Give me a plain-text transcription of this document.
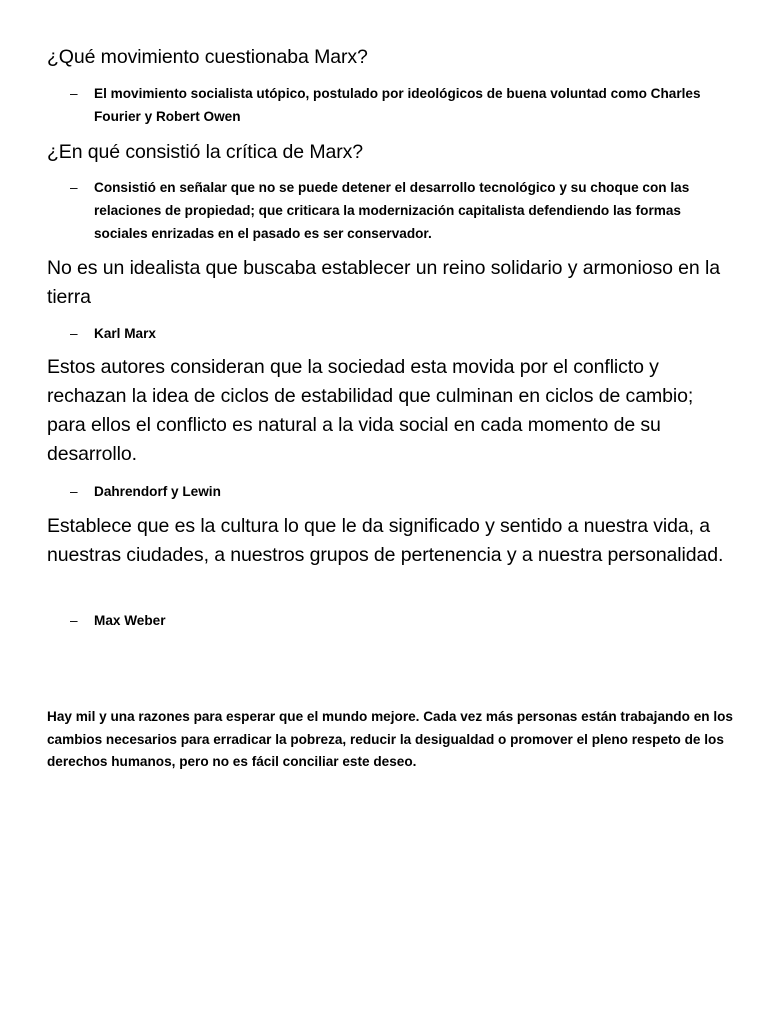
¿Qué movimiento cuestionaba Marx?

– El movimiento socialista utópico, postulado por ideológicos de buena voluntad como Charles Fourier y Robert Owen

¿En qué consistió la crítica de Marx?

– Consistió en señalar que no se puede detener el desarrollo tecnológico y su choque con las relaciones de propiedad; que criticara la modernización capitalista defendiendo las formas sociales enrizadas en el pasado es ser conservador.

No es un idealista que buscaba establecer un reino solidario y armonioso en la tierra

– Karl Marx

Estos autores consideran que la sociedad esta movida por el conflicto y rechazan la idea de ciclos de estabilidad que culminan en ciclos de cambio; para ellos el conflicto es natural a la vida social en cada momento de su desarrollo.

– Dahrendorf y Lewin

Establece que es la cultura lo que le da significado y sentido a nuestra vida, a nuestras ciudades, a nuestros grupos de pertenencia y a nuestra personalidad.

– Max Weber

Hay mil y una razones para esperar que el mundo mejore. Cada vez más personas están trabajando en los cambios necesarios para erradicar la pobreza, reducir la desigualdad o promover el pleno respeto de los derechos humanos, pero no es fácil conciliar este deseo.
